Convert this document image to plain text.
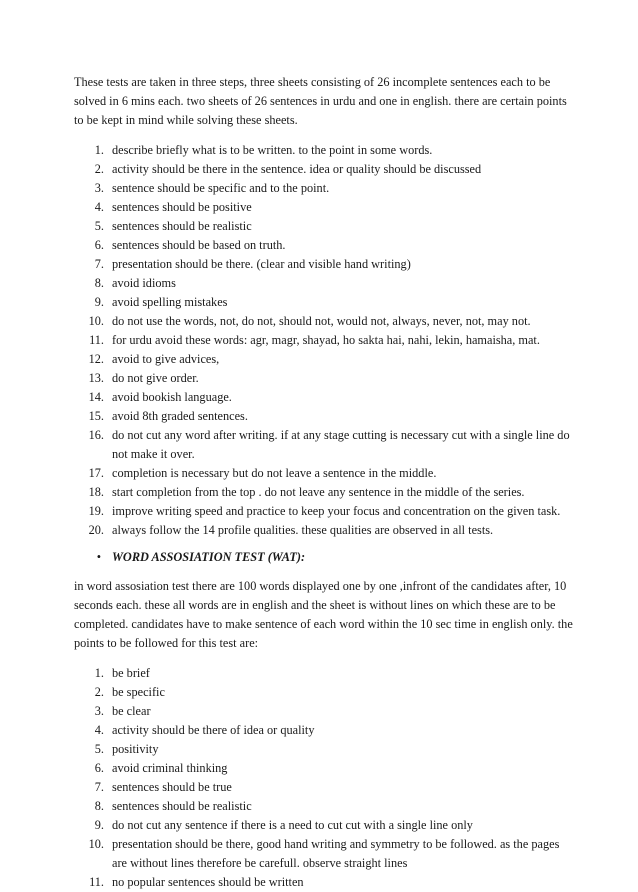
These tests are taken in three steps, three sheets consisting of 26 incomplete sentences each to be solved in 6 mins each. two sheets of 26 sentences in urdu and one in english. there are certain points to be kept in mind while solving these sheets.

1. describe briefly what is to be written. to the point in some words.
2. activity should be there in the sentence. idea or quality should be discussed
3. sentence should be specific and to the point.
4. sentences should be positive
5. sentences should be realistic
6. sentences should be based on truth.
7. presentation should be there. (clear and visible hand writing)
8. avoid idioms
9. avoid spelling mistakes
10. do not use the words, not, do not, should not, would not, always, never, not, may not.
11. for urdu avoid these words: agr, magr, shayad, ho sakta hai, nahi, lekin, hamaisha, mat.
12. avoid to give advices,
13. do not give order.
14. avoid bookish language.
15. avoid 8th graded sentences.
16. do not cut any word after writing. if at any stage cutting is necessary cut with a single line do not make it over.
17. completion is necessary but do not leave a sentence in the middle.
18. start completion from the top . do not leave any sentence in the middle of the series.
19. improve writing speed and practice to keep your focus and concentration on the given task.
20. always follow the 14 profile qualities. these qualities are observed in all tests.
• WORD ASSOSIATION TEST (WAT):

in word assosiation test there are 100 words displayed one by one ,infront of the candidates after, 10 seconds each. these all words are in english and the sheet is without lines on which these are to be completed. candidates have to make sentence of each word within the 10 sec time in english only. the points to be followed for this test are:

1. be brief
2. be specific
3. be clear
4. activity should be there of idea or quality
5. positivity
6. avoid criminal thinking
7. sentences should be true
8. sentences should be realistic
9. do not cut any sentence if there is a need to cut cut with a single line only
10. presentation should be there, good hand writing and symmetry to be followed. as the pages are without lines therefore be carefull. observe straight lines
11. no popular sentences should be written
